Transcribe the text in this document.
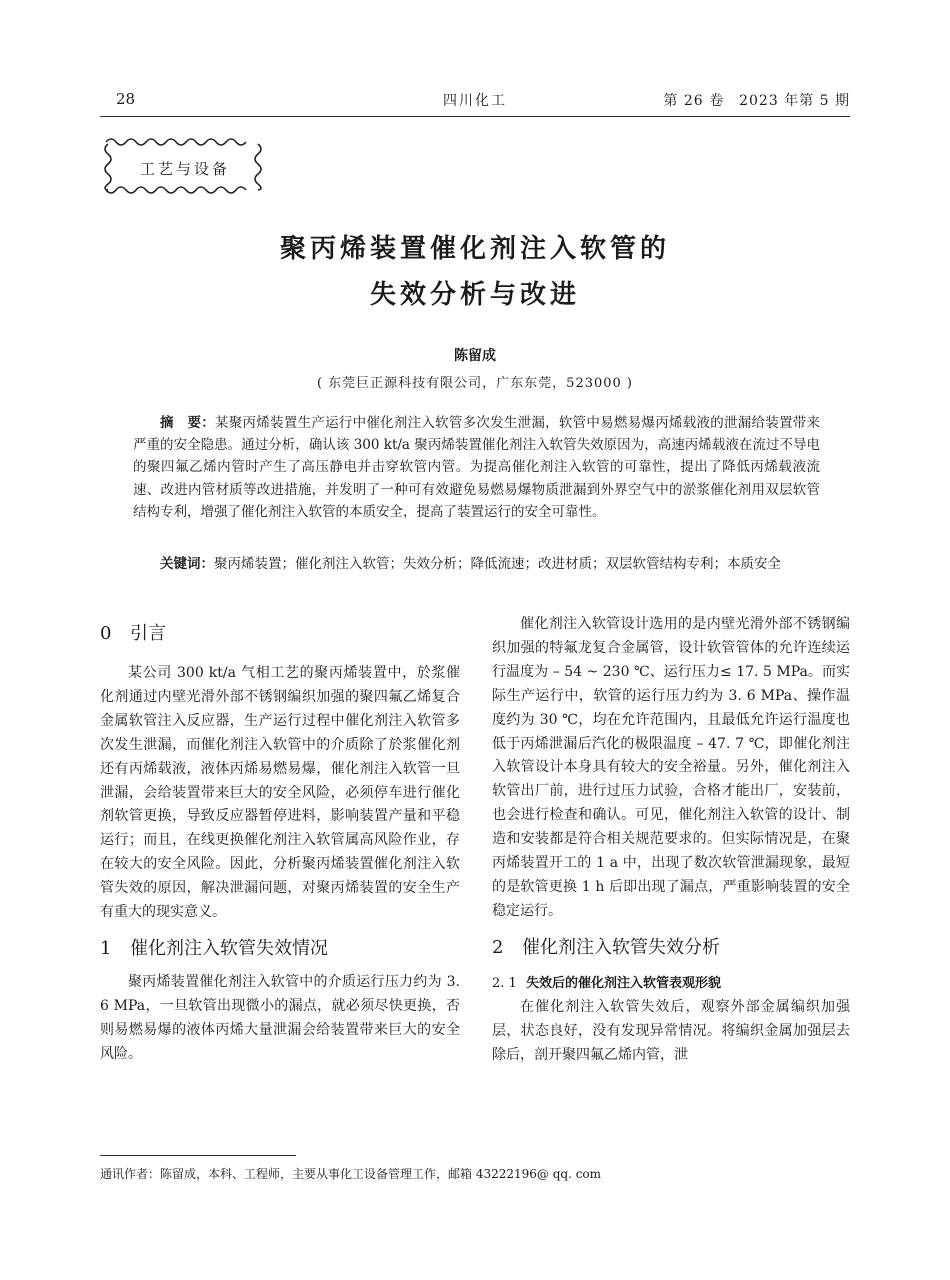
28	四川化工	第 26 卷　2023 年第 5 期
工艺与设备
聚丙烯装置催化剂注入软管的
失效分析与改进
陈留成
( 东莞巨正源科技有限公司，广东东莞，523000 )
摘　要：某聚丙烯装置生产运行中催化剂注入软管多次发生泄漏，软管中易燃易爆丙烯载液的泄漏给装置带来严重的安全隐患。通过分析，确认该 300 kt/a 聚丙烯装置催化剂注入软管失效原因为，高速丙烯载液在流过不导电的聚四氟乙烯内管时产生了高压静电并击穿软管内管。为提高催化剂注入软管的可靠性，提出了降低丙烯载液流速、改进内管材质等改进措施，并发明了一种可有效避免易燃易爆物质泄漏到外界空气中的淤浆催化剂用双层软管结构专利，增强了催化剂注入软管的本质安全，提高了装置运行的安全可靠性。
关键词：聚丙烯装置；催化剂注入软管；失效分析；降低流速；改进材质；双层软管结构专利；本质安全
0 引言

某公司 300 kt/a 气相工艺的聚丙烯装置中，於浆催化剂通过内壁光滑外部不锈钢编织加强的聚四氟乙烯复合金属软管注入反应器，生产运行过程中催化剂注入软管多次发生泄漏，而催化剂注入软管中的介质除了於浆催化剂还有丙烯载液，液体丙烯易燃易爆，催化剂注入软管一旦泄漏，会给装置带来巨大的安全风险，必须停车进行催化剂软管更换，导致反应器暂停进料，影响装置产量和平稳运行；而且，在线更换催化剂注入软管属高风险作业，存在较大的安全风险。因此，分析聚丙烯装置催化剂注入软管失效的原因，解决泄漏问题，对聚丙烯装置的安全生产有重大的现实意义。

1 催化剂注入软管失效情况

聚丙烯装置催化剂注入软管中的介质运行压力约为 3. 6 MPa，一旦软管出现微小的漏点，就必须尽快更换，否则易燃易爆的液体丙烯大量泄漏会给装置带来巨大的安全风险。

催化剂注入软管设计选用的是内壁光滑外部不锈钢编织加强的特氟龙复合金属管，设计软管管体的允许连续运行温度为 – 54 ~ 230 ℃、运行压力≤ 17. 5 MPa。而实际生产运行中，软管的运行压力约为 3. 6 MPa、操作温度约为 30 ℃，均在允许范围内，且最低允许运行温度也低于丙烯泄漏后汽化的极限温度 – 47. 7 ℃，即催化剂注入软管设计本身具有较大的安全裕量。另外，催化剂注入软管出厂前，进行过压力试验，合格才能出厂，安装前，也会进行检查和确认。可见，催化剂注入软管的设计、制造和安装都是符合相关规范要求的。但实际情况是，在聚丙烯装置开工的 1 a 中，出现了数次软管泄漏现象，最短的是软管更换 1 h 后即出现了漏点，严重影响装置的安全稳定运行。

2 催化剂注入软管失效分析
2. 1 失效后的催化剂注入软管表观形貌

在催化剂注入软管失效后，观察外部金属编织加强层，状态良好，没有发现异常情况。将编织金属加强层去除后，剖开聚四氟乙烯内管，泄

通讯作者：陈留成，本科、工程师，主要从事化工设备管理工作，邮箱 43222196@ qq. com
